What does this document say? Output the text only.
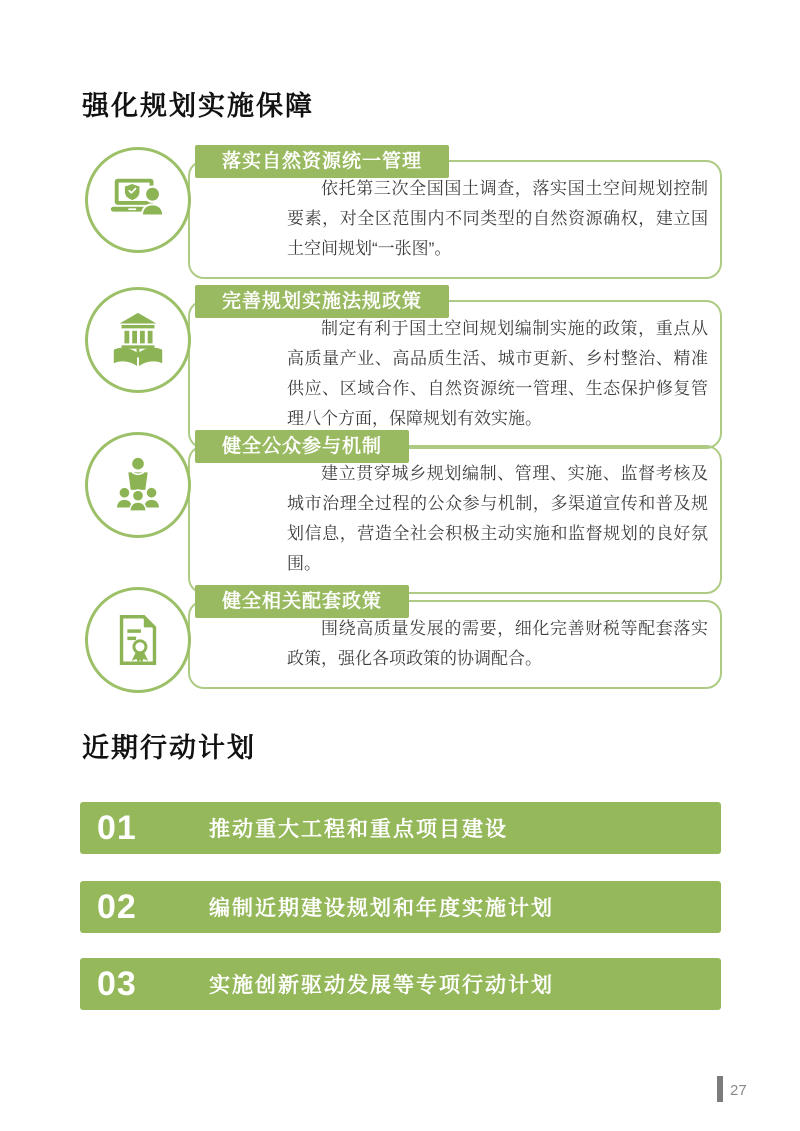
强化规划实施保障
依托第三次全国国土调查，落实国土空间规划控制要素，对全区范围内不同类型的自然资源确权，建立国土空间规划“一张图”。
落实自然资源统一管理
制定有利于国土空间规划编制实施的政策，重点从高质量产业、高品质生活、城市更新、乡村整治、精准供应、区域合作、自然资源统一管理、生态保护修复管理八个方面，保障规划有效实施。
完善规划实施法规政策
建立贯穿城乡规划编制、管理、实施、监督考核及城市治理全过程的公众参与机制，多渠道宣传和普及规划信息，营造全社会积极主动实施和监督规划的良好氛围。
健全公众参与机制
围绕高质量发展的需要，细化完善财税等配套落实政策，强化各项政策的协调配合。
健全相关配套政策
近期行动计划
01	推动重大工程和重点项目建设
02	编制近期建设规划和年度实施计划
03	实施创新驱动发展等专项行动计划
27
